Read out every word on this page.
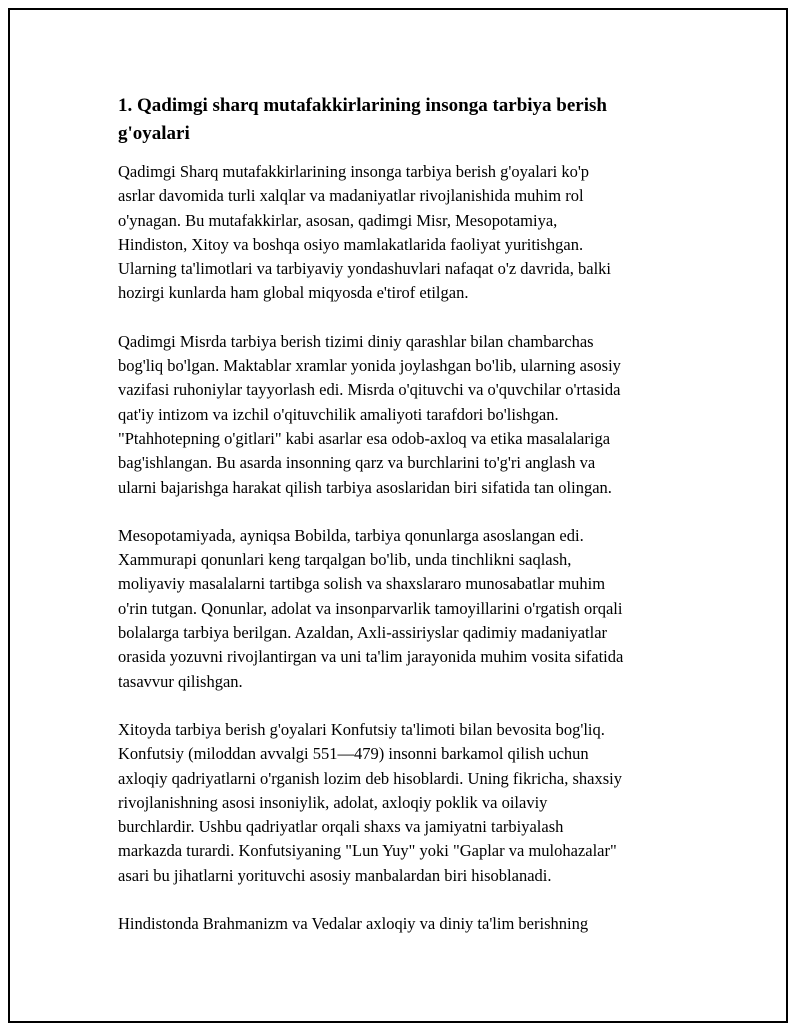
1. Qadimgi sharq mutafakkirlarining insonga tarbiya berish
g'oyalari

Qadimgi Sharq mutafakkirlarining insonga tarbiya berish g'oyalari ko'p
asrlar davomida turli xalqlar va madaniyatlar rivojlanishida muhim rol
o'ynagan. Bu mutafakkirlar, asosan, qadimgi Misr, Mesopotamiya,
Hindiston, Xitoy va boshqa osiyo mamlakatlarida faoliyat yuritishgan.
Ularning ta'limotlari va tarbiyaviy yondashuvlari nafaqat o'z davrida, balki
hozirgi kunlarda ham global miqyosda e'tirof etilgan.

Qadimgi Misrda tarbiya berish tizimi diniy qarashlar bilan chambarchas
bog'liq bo'lgan. Maktablar xramlar yonida joylashgan bo'lib, ularning asosiy
vazifasi ruhoniylar tayyorlash edi. Misrda o'qituvchi va o'quvchilar o'rtasida
qat'iy intizom va izchil o'qituvchilik amaliyoti tarafdori bo'lishgan.
"Ptahhotepning o'gitlari" kabi asarlar esa odob-axloq va etika masalalariga
bag'ishlangan. Bu asarda insonning qarz va burchlarini to'g'ri anglash va
ularni bajarishga harakat qilish tarbiya asoslaridan biri sifatida tan olingan.

Mesopotamiyada, ayniqsa Bobilda, tarbiya qonunlarga asoslangan edi.
Xammurapi qonunlari keng tarqalgan bo'lib, unda tinchlikni saqlash,
moliyaviy masalalarni tartibga solish va shaxslararo munosabatlar muhim
o'rin tutgan. Qonunlar, adolat va insonparvarlik tamoyillarini o'rgatish orqali
bolalarga tarbiya berilgan. Azaldan, Axli-assiriyslar qadimiy madaniyatlar
orasida yozuvni rivojlantirgan va uni ta'lim jarayonida muhim vosita sifatida
tasavvur qilishgan.

Xitoyda tarbiya berish g'oyalari Konfutsiy ta'limoti bilan bevosita bog'liq.
Konfutsiy (miloddan avvalgi 551—479) insonni barkamol qilish uchun
axloqiy qadriyatlarni o'rganish lozim deb hisoblardi. Uning fikricha, shaxsiy
rivojlanishning asosi insoniylik, adolat, axloqiy poklik va oilaviy
burchlardir. Ushbu qadriyatlar orqali shaxs va jamiyatni tarbiyalash
markazda turardi. Konfutsiyaning "Lun Yuy" yoki "Gaplar va mulohazalar"
asari bu jihatlarni yorituvchi asosiy manbalardan biri hisoblanadi.

Hindistonda Brahmanizm va Vedalar axloqiy va diniy ta'lim berishning
